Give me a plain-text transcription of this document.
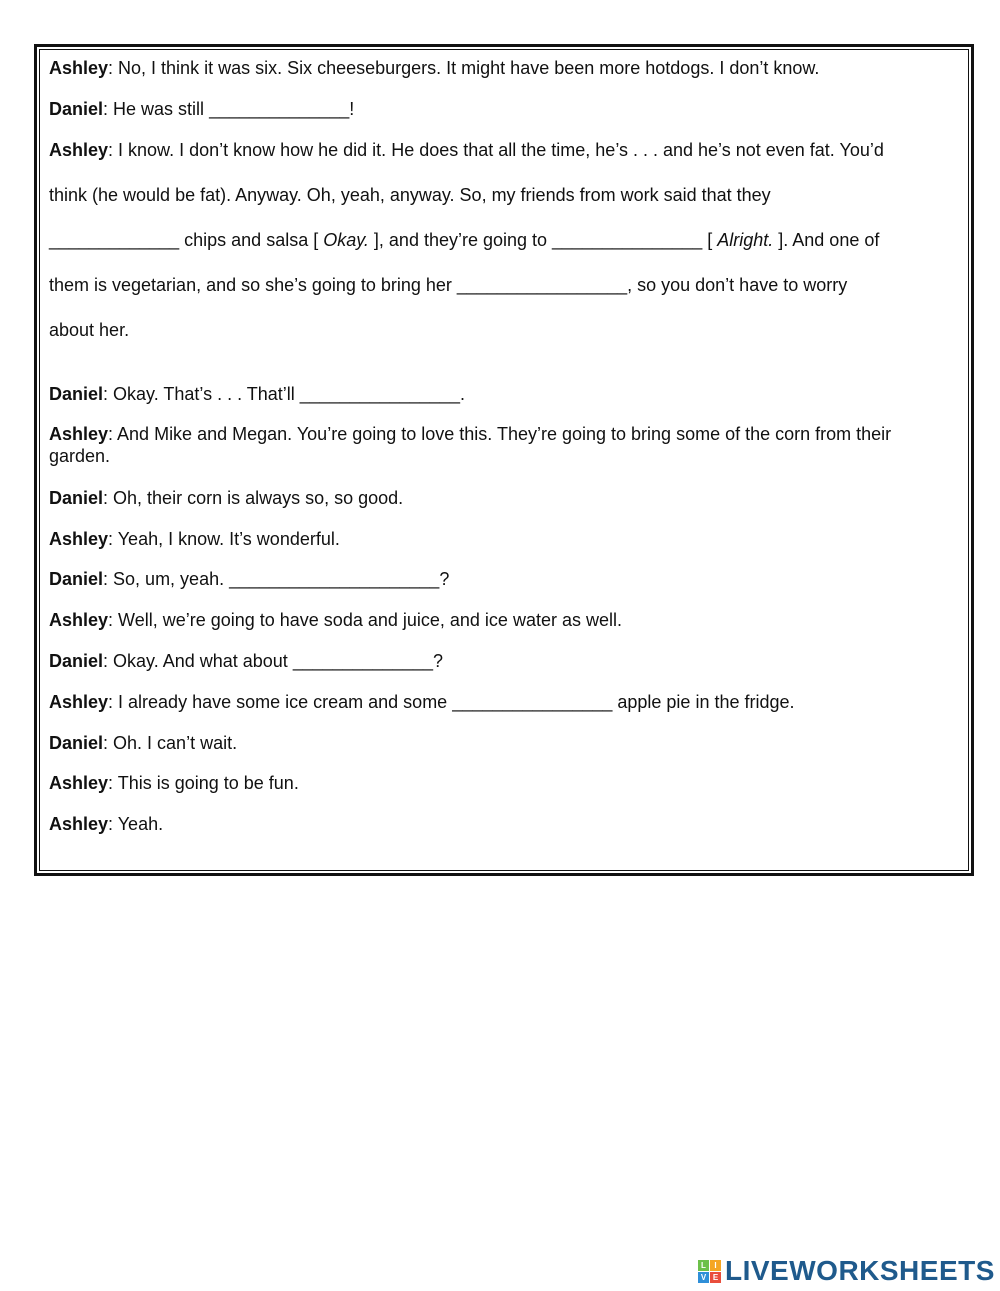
Ashley: No, I think it was six. Six cheeseburgers. It might have been more hotdogs. I don’t know.
Daniel: He was still ______________!
Ashley: I know. I don’t know how he did it. He does that all the time, he’s . . . and he’s not even fat. You’d
think (he would be fat). Anyway. Oh, yeah, anyway. So, my friends from work said that they
_____________ chips and salsa [ Okay. ], and they’re going to _______________ [ Alright. ]. And one of
them is vegetarian, and so she’s going to bring her _________________, so you don’t have to worry
about her.
Daniel: Okay. That’s . . . That’ll ________________.
Ashley: And Mike and Megan. You’re going to love this. They’re going to bring some of the corn from their garden.
Daniel: Oh, their corn is always so, so good.
Ashley: Yeah, I know. It’s wonderful.
Daniel: So, um, yeah. _____________________?
Ashley: Well, we’re going to have soda and juice, and ice water as well.
Daniel: Okay. And what about ______________?
Ashley: I already have some ice cream and some ________________ apple pie in the fridge.
Daniel: Oh. I can’t wait.
Ashley: This is going to be fun.
Ashley: Yeah.
L	I
V E LIVEWORKSHEETS
